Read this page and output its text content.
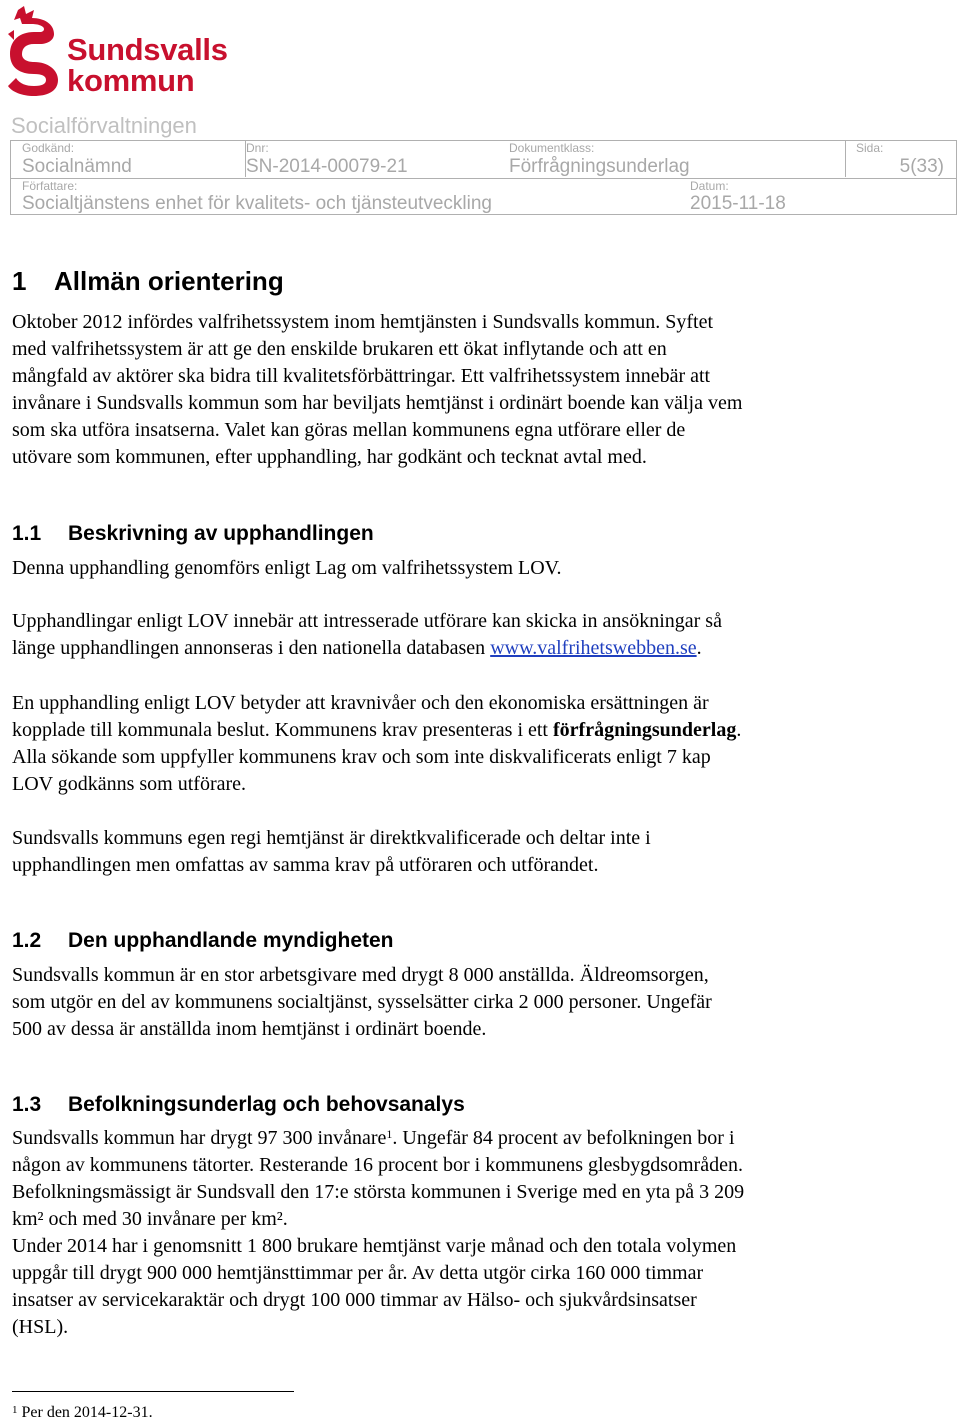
Sundsvalls
kommun
Socialförvaltningen
Godkänd:
Socialnämnd
Dnr:
SN-2014-00079-21
Dokumentklass:
Förfrågningsunderlag
Sida:
5(33)
Författare:
Socialtjänstens enhet för kvalitets- och tjänsteutveckling
Datum:
2015-11-18
1 Allmän orientering
Oktober 2012 infördes valfrihetssystem inom hemtjänsten i Sundsvalls kommun. Syftet
med valfrihetssystem är att ge den enskilde brukaren ett ökat inflytande och att en
mångfald av aktörer ska bidra till kvalitetsförbättringar. Ett valfrihetssystem innebär att
invånare i Sundsvalls kommun som har beviljats hemtjänst i ordinärt boende kan välja vem
som ska utföra insatserna. Valet kan göras mellan kommunens egna utförare eller de
utövare som kommunen, efter upphandling, har godkänt och tecknat avtal med.
1.1 Beskrivning av upphandlingen
Denna upphandling genomförs enligt Lag om valfrihetssystem LOV.
Upphandlingar enligt LOV innebär att intresserade utförare kan skicka in ansökningar så
länge upphandlingen annonseras i den nationella databasen www.valfrihetswebben.se.
En upphandling enligt LOV betyder att kravnivåer och den ekonomiska ersättningen är
kopplade till kommunala beslut. Kommunens krav presenteras i ett förfrågningsunderlag.
Alla sökande som uppfyller kommunens krav och som inte diskvalificerats enligt 7 kap
LOV godkänns som utförare.
Sundsvalls kommuns egen regi hemtjänst är direktkvalificerade och deltar inte i
upphandlingen men omfattas av samma krav på utföraren och utförandet.
1.2 Den upphandlande myndigheten
Sundsvalls kommun är en stor arbetsgivare med drygt 8 000 anställda. Äldreomsorgen,
som utgör en del av kommunens socialtjänst, sysselsätter cirka 2 000 personer. Ungefär
500 av dessa är anställda inom hemtjänst i ordinärt boende.
1.3 Befolkningsunderlag och behovsanalys
Sundsvalls kommun har drygt 97 300 invånare$^1$. Ungefär 84 procent av befolkningen bor i
någon av kommunens tätorter. Resterande 16 procent bor i kommunens glesbygdsområden.
Befolkningsmässigt är Sundsvall den 17:e största kommunen i Sverige med en yta på 3 209
km² och med 30 invånare per km².
Under 2014 har i genomsnitt 1 800 brukare hemtjänst varje månad och den totala volymen
uppgår till drygt 900 000 hemtjänsttimmar per år. Av detta utgör cirka 160 000 timmar
insatser av servicekaraktär och drygt 100 000 timmar av Hälso- och sjukvårdsinsatser
(HSL).
$^1$ Per den 2014-12-31.
